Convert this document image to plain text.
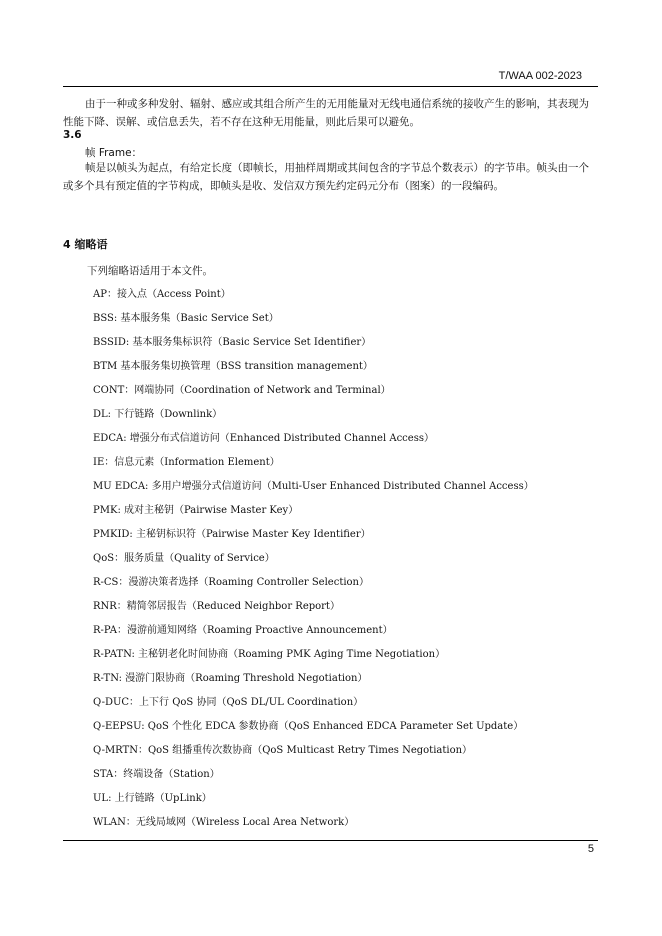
T/WAA 002-2023
由于一种或多种发射、辐射、感应或其组合所产生的无用能量对无线电通信系统的接收产生的影响，其表现为性能下降、误解、或信息丢失，若不存在这种无用能量，则此后果可以避免。
3.6
帧 Frame：
帧是以帧头为起点，有给定长度（即帧长，用抽样周期或其间包含的字节总个数表示）的字节串。帧头由一个或多个具有预定值的字节构成，即帧头是收、发信双方预先约定码元分布（图案）的一段编码。
4 缩略语
下列缩略语适用于本文件。
AP：接入点（Access Point）
BSS: 基本服务集（Basic Service Set）
BSSID: 基本服务集标识符（Basic Service Set Identifier）
BTM 基本服务集切换管理（BSS transition management）
CONT：网端协同（Coordination of Network and Terminal）
DL: 下行链路（Downlink）
EDCA: 增强分布式信道访问（Enhanced Distributed Channel Access）
IE：信息元素（Information Element）
MU EDCA: 多用户增强分式信道访问（Multi-User Enhanced Distributed Channel Access）
PMK: 成对主秘钥（Pairwise Master Key）
PMKID: 主秘钥标识符（Pairwise Master Key Identifier）
QoS：服务质量（Quality of Service）
R-CS：漫游决策者选择（Roaming Controller Selection）
RNR：精简邻居报告（Reduced Neighbor Report）
R-PA：漫游前通知网络（Roaming Proactive Announcement）
R-PATN: 主秘钥老化时间协商（Roaming PMK Aging Time Negotiation）
R-TN: 漫游门限协商（Roaming Threshold Negotiation）
Q-DUC：上下行 QoS 协同（QoS DL/UL Coordination）
Q-EEPSU: QoS 个性化 EDCA 参数协商（QoS Enhanced EDCA Parameter Set Update）
Q-MRTN：QoS 组播重传次数协商（QoS Multicast Retry Times Negotiation）
STA：终端设备（Station）
UL: 上行链路（UpLink）
WLAN：无线局域网（Wireless Local Area Network）
5
